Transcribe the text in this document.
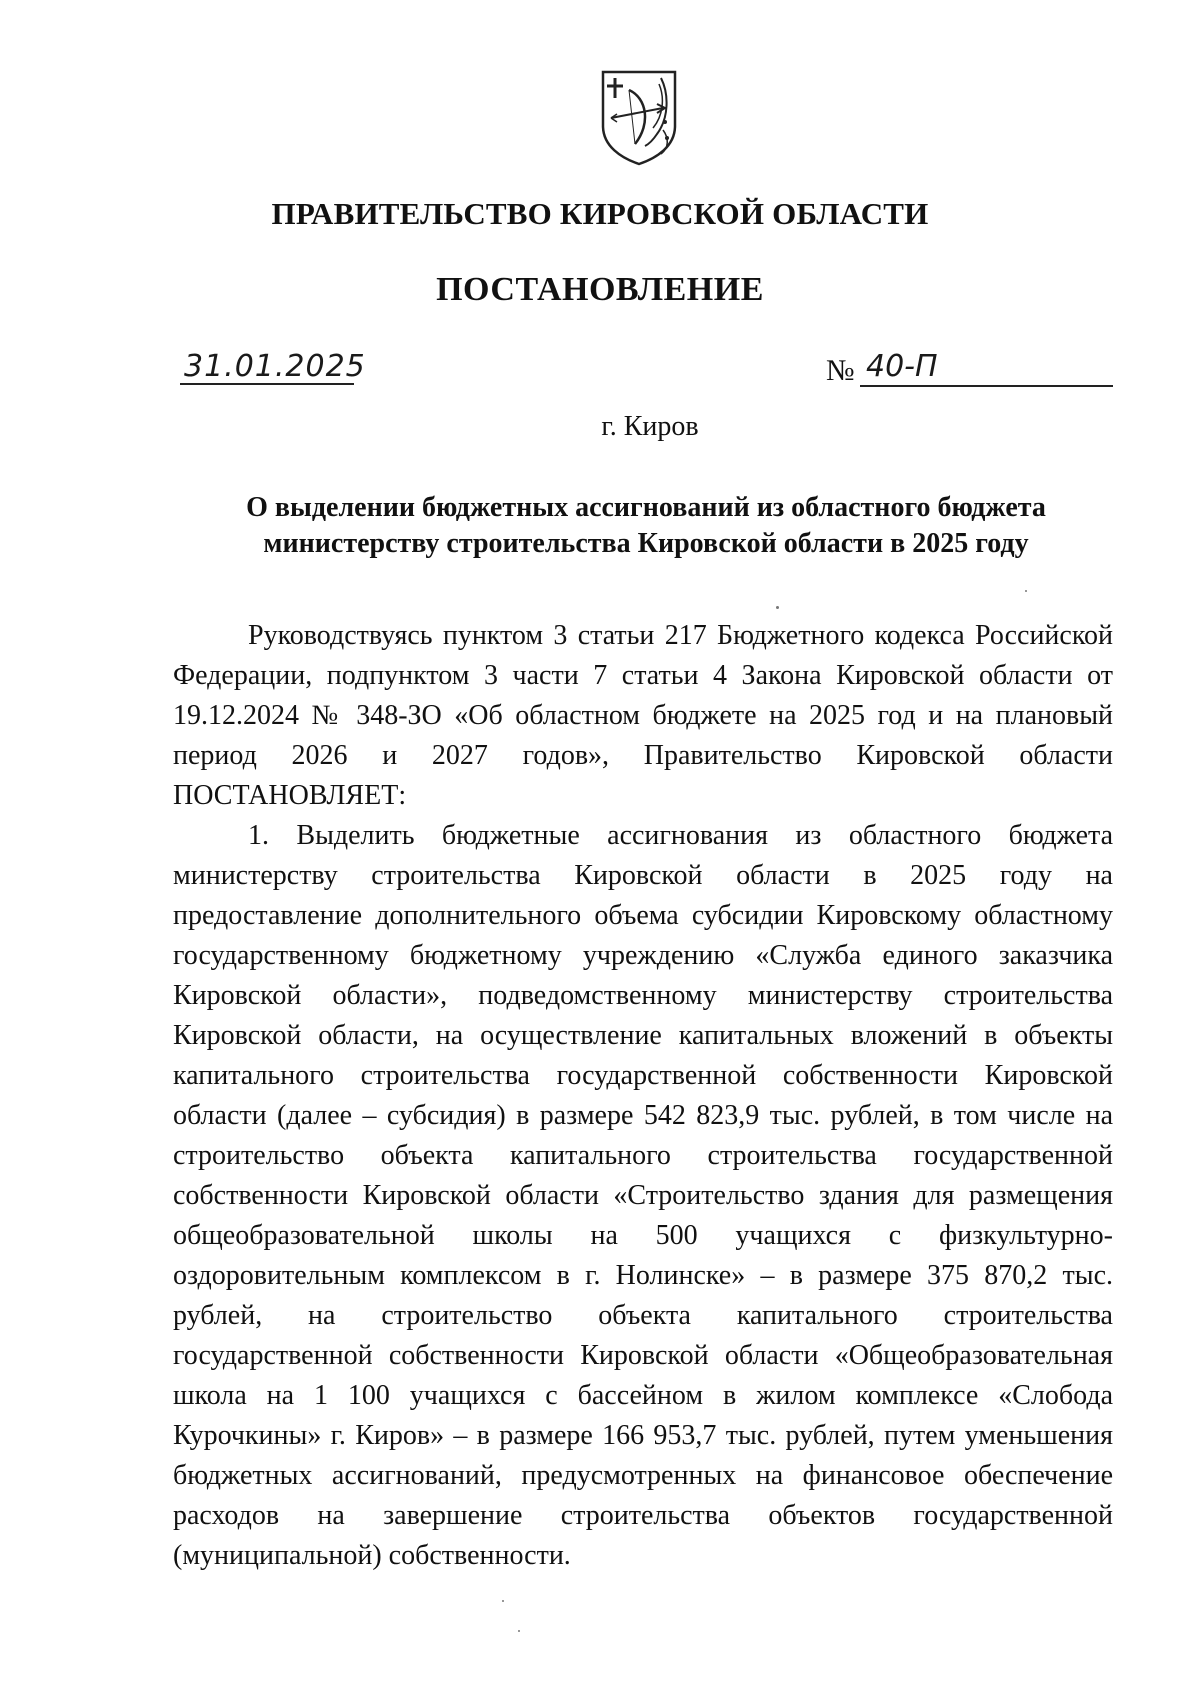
ПРАВИТЕЛЬСТВО КИРОВСКОЙ ОБЛАСТИ
ПОСТАНОВЛЕНИЕ
31.01.2025	№ 40-П
г. Киров
О выделении бюджетных ассигнований из областного бюджета
министерству строительства Кировской области в 2025 году

Руководствуясь пунктом 3 статьи 217 Бюджетного кодекса Российской Федерации, подпунктом 3 части 7 статьи 4 Закона Кировской области от 19.12.2024 № 348-ЗО «Об областном бюджете на 2025 год и на плановый период 2026 и 2027 годов», Правительство Кировской области ПОСТАНОВЛЯЕТ:

1. Выделить бюджетные ассигнования из областного бюджета министерству строительства Кировской области в 2025 году на предоставление дополнительного объема субсидии Кировскому областному государственному бюджетному учреждению «Служба единого заказчика Кировской области», подведомственному министерству строительства Кировской области, на осуществление капитальных вложений в объекты капитального строительства государственной собственности Кировской области (далее – субсидия) в размере 542 823,9 тыс. рублей, в том числе на строительство объекта капитального строительства государственной собственности Кировской области «Строительство здания для размещения общеобразовательной школы на 500 учащихся с физкультурно-оздоровительным комплексом в г. Нолинске» – в размере 375 870,2 тыс. рублей, на строительство объекта капитального строительства государственной собственности Кировской области «Общеобразовательная школа на 1 100 учащихся с бассейном в жилом комплексе «Слобода Курочкины» г. Киров» – в размере 166 953,7 тыс. рублей, путем уменьшения бюджетных ассигнований, предусмотренных на финансовое обеспечение расходов на завершение строительства объектов государственной (муниципальной) собственности.
